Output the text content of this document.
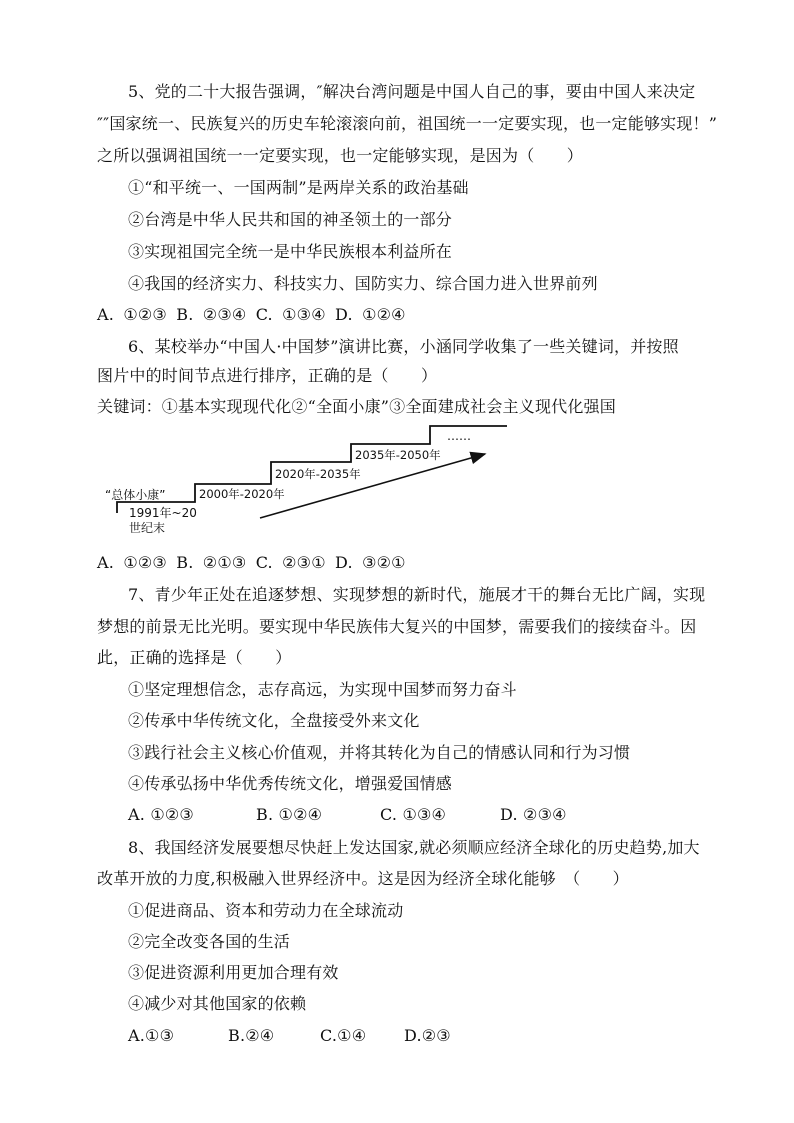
5、党的二十大报告强调，″解决台湾问题是中国人自己的事，要由中国人来决定
″″国家统一、民族复兴的历史车轮滚滚向前，祖国统一一定要实现，也一定能够实现！”
之所以强调祖国统一一定要实现，也一定能够实现，是因为（　　）
①“和平统一、一国两制”是两岸关系的政治基础
②台湾是中华人民共和国的神圣领土的一部分
③实现祖国完全统一是中华民族根本利益所在
④我国的经济实力、科技实力、国防实力、综合国力进入世界前列
A. ①②③ B. ②③④ C. ①③④ D. ①②④
6、某校举办“中国人·中国梦”演讲比赛，小涵同学收集了一些关键词，并按照
图片中的时间节点进行排序，正确的是（　　）
关键词：①基本实现现代化②“全面小康”③全面建成社会主义现代化强国
“总体小康”
1991年~20
世纪末
2000年-2020年
2020年-2035年
2035年-2050年
……
A. ①②③ B. ②①③ C. ②③① D. ③②①
7、青少年正处在追逐梦想、实现梦想的新时代，施展才干的舞台无比广阔，实现
梦想的前景无比光明。要实现中华民族伟大复兴的中国梦，需要我们的接续奋斗。因
此，正确的选择是（　　）
①坚定理想信念，志存高远，为实现中国梦而努力奋斗
②传承中华传统文化，全盘接受外来文化
③践行社会主义核心价值观，并将其转化为自己的情感认同和行为习惯
④传承弘扬中华优秀传统文化，增强爱国情感
A. ①②③	B. ①②④	C. ①③④	D. ②③④
8、我国经济发展要想尽快赶上发达国家,就必须顺应经济全球化的历史趋势,加大
改革开放的力度,积极融入世界经济中。这是因为经济全球化能够　（　　）
①促进商品、资本和劳动力在全球流动
②完全改变各国的生活
③促进资源利用更加合理有效
④减少对其他国家的依赖
A.①③	B.②④	C.①④ D.②③
